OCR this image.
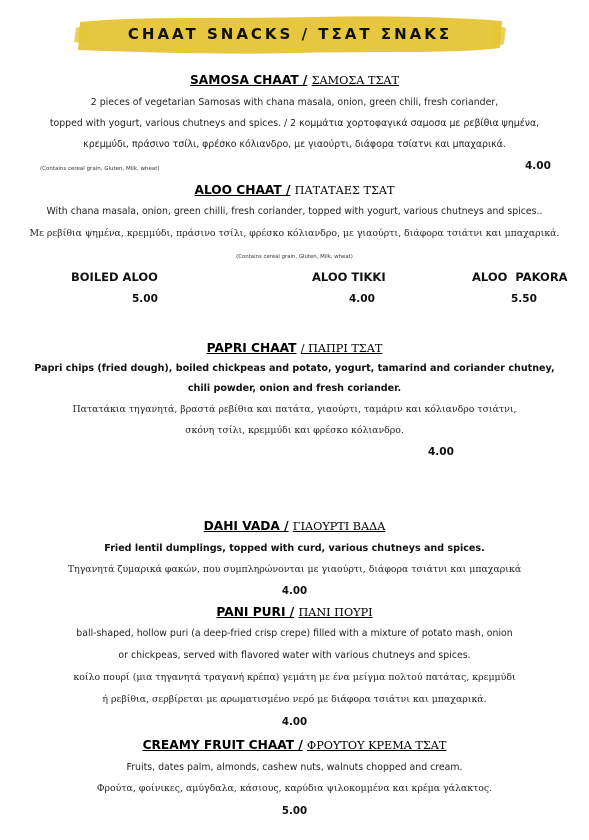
CHAAT SNACKS / ΤΣΑΤ ΣΝΑΚΣ
SAMOSA CHAAT / ΣΑΜΟΣΑ ΤΣΑΤ
2 pieces of vegetarian Samosas with chana masala, onion, green chili, fresh coriander,
topped with yogurt, various chutneys and spices. / 2 κομμάτια χορτοφαγικά σαμοσα με ρεβίθια ψημένα,
κρεμμύδι, πράσινο τσίλι, φρέσκο κόλιανδρο, με γιαούρτι, διάφορα τσίατνι και μπαχαρικά.
(Contains cereal grain, Gluten, Milk, wheat)	4.00
ALOO CHAAT / ΠΑΤΑΤΑΕΣ ΤΣΑΤ
With chana masala, onion, green chilli, fresh coriander, topped with yogurt, various chutneys and spices..
Με ρεβίθια ψημένα, κρεμμύδι, πράσινο τσίλι, φρέσκο κόλιανδρο, με γιαούρτι, διάφορα τσιάτνι και μπαχαρικά.
(Contains cereal grain, Gluten, Milk, wheat)
BOILED ALOO
5.00
ALOO TIKKI
4.00
ALOO  PAKORA
5.50
PAPRI CHAAT / ΠΑΠΡΙ ΤΣΑΤ
Papri chips (fried dough), boiled chickpeas and potato, yogurt, tamarind and coriander chutney,
chili powder, onion and fresh coriander.
Πατατάκια τηγανητά, βραστά ρεβίθια και πατάτα, γιαούρτι, ταμάριν και κόλιανδρο τσιάτνι,
σκόνη τσίλι, κρεμμύδι και φρέσκο κόλιανδρο.
4.00
DAHI VADA / ΓΙΑΟΥΡΤΙ ΒΑΔΑ
Fried lentil dumplings, topped with curd, various chutneys and spices.
Τηγανητά ζυμαρικά φακών, που συμπληρώνονται με γιαούρτι, διάφορα τσιάτνι και μπαχαρικά
4.00
PANI PURI / ΠΑΝΙ ΠΟΥΡΙ
ball-shaped, hollow puri (a deep-fried crisp crepe) filled with a mixture of potato mash, onion
or chickpeas, served with flavored water with various chutneys and spices.
κoίλο πουρί (μια τηγανητά τραγανή κρέπα) γεμάτη με ένα μείγμα πολτού πατάτας, κρεμμύδι
ή ρεβίθια, σερβίρεται με αρωματισμένο νερό με διάφορα τσιάτνι και μπαχαρικά.
4.00
CREAMY FRUIT CHAAT / ΦΡΟΥΤΟΥ ΚΡΕΜΑ ΤΣΑΤ
Fruits, dates palm, almonds, cashew nuts, walnuts chopped and cream.
Φρούτα, φοίνικες, αμύγδαλα, κάσιους, καρύδια ψιλοκομμένα και κρέμα γάλακτος.
5.00
